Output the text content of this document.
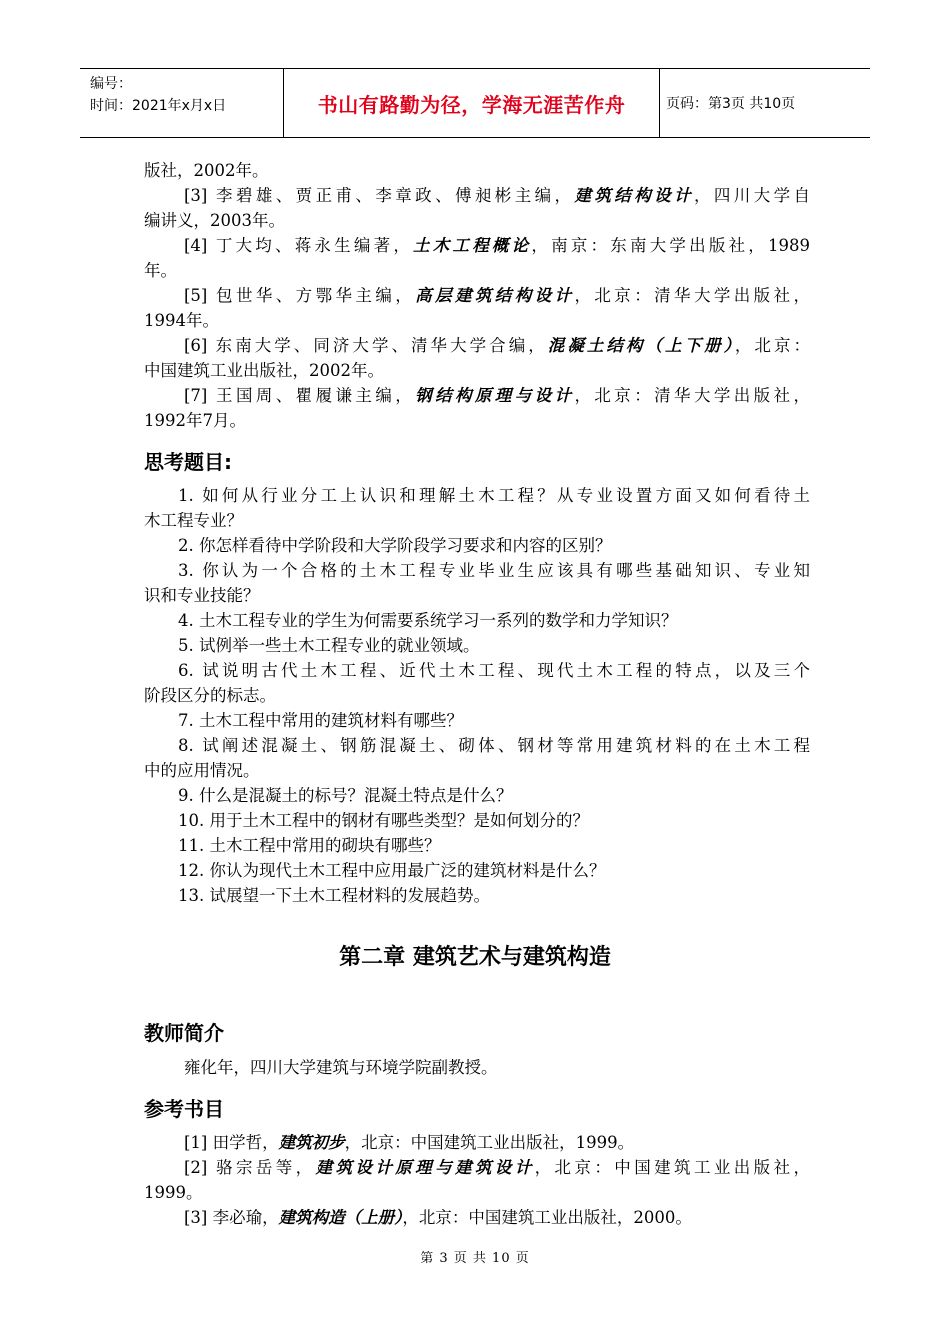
编号：
时间：2021年x月x日	书山有路勤为径，学海无涯苦作舟	页码：第3页 共10页
版社，2002年。
[3] 李碧雄、贾正甫、李章政、傅昶彬主编，建筑结构设计，四川大学自
编讲义，2003年。
[4] 丁大均、蒋永生编著，土木工程概论，南京：东南大学出版社，1989
年。
[5] 包世华、方鄂华主编，高层建筑结构设计，北京：清华大学出版社，
1994年。
[6] 东南大学、同济大学、清华大学合编，混凝土结构（上下册），北京：
中国建筑工业出版社，2002年。
[7] 王国周、瞿履谦主编，钢结构原理与设计，北京：清华大学出版社，
1992年7月。
思考题目:
1. 如何从行业分工上认识和理解土木工程？从专业设置方面又如何看待土
木工程专业？
2. 你怎样看待中学阶段和大学阶段学习要求和内容的区别？
3. 你认为一个合格的土木工程专业毕业生应该具有哪些基础知识、专业知
识和专业技能？
4. 土木工程专业的学生为何需要系统学习一系列的数学和力学知识？
5. 试例举一些土木工程专业的就业领域。
6. 试说明古代土木工程、近代土木工程、现代土木工程的特点，以及三个
阶段区分的标志。
7. 土木工程中常用的建筑材料有哪些？
8. 试阐述混凝土、钢筋混凝土、砌体、钢材等常用建筑材料的在土木工程
中的应用情况。
9. 什么是混凝土的标号？混凝土特点是什么？
10. 用于土木工程中的钢材有哪些类型？是如何划分的？
11. 土木工程中常用的砌块有哪些？
12. 你认为现代土木工程中应用最广泛的建筑材料是什么？
13. 试展望一下土木工程材料的发展趋势。
第二章 建筑艺术与建筑构造
教师简介
雍化年，四川大学建筑与环境学院副教授。
参考书目
[1] 田学哲，建筑初步，北京：中国建筑工业出版社，1999。
[2] 骆宗岳等，建筑设计原理与建筑设计，北京：中国建筑工业出版社，
1999。
[3] 李必瑜，建筑构造（上册），北京：中国建筑工业出版社，2000。
第 3 页 共 10 页
